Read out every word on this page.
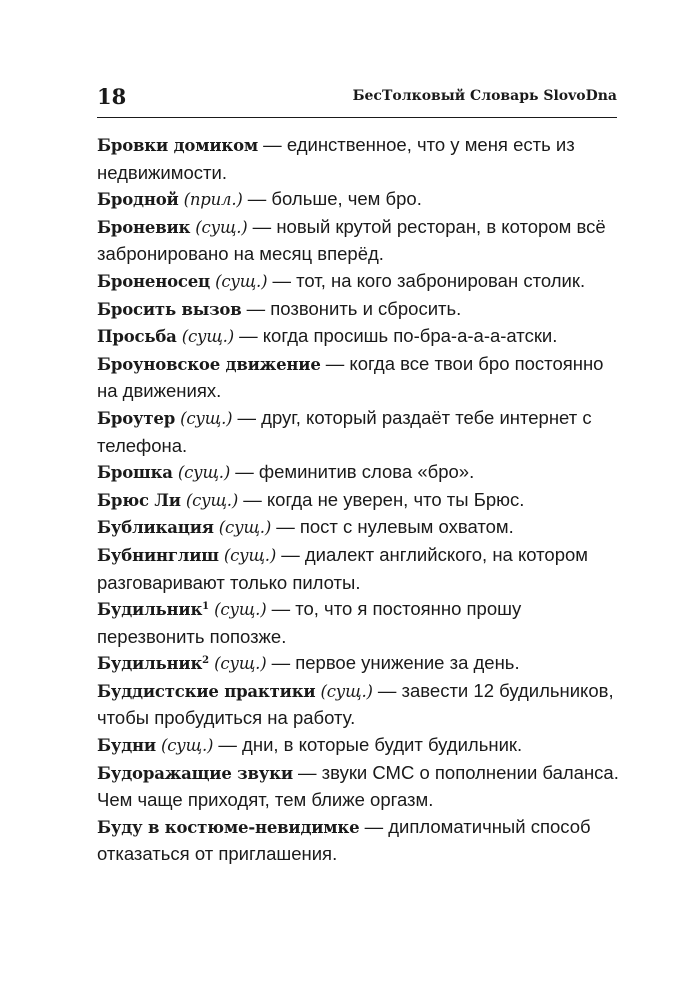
18	БесТолковый Словарь SlovoDna
Бровки домиком — единственное, что у меня есть из недвижимости.
Бродной (прил.) — больше, чем бро.
Броневик (сущ.) — новый крутой ресторан, в котором всё забронировано на месяц вперёд.
Броненосец (сущ.) — тот, на кого забронирован столик.
Бросить вызов — позвонить и сбросить.
Просьба (сущ.) — когда просишь по-бра-а-а-а-атски.
Броуновское движение — когда все твои бро постоянно на движениях.
Броутер (сущ.) — друг, который раздаёт тебе интернет с телефона.
Брошка (сущ.) — феминитив слова «бро».
Брюс Ли (сущ.) — когда не уверен, что ты Брюс.
Бубликация (сущ.) — пост с нулевым охватом.
Бубнинглиш (сущ.) — диалект английского, на котором разговаривают только пилоты.
Будильник$^1$ (сущ.) — то, что я постоянно прошу перезвонить попозже.
Будильник$^2$ (сущ.) — первое унижение за день.
Буддистские практики (сущ.) — завести 12 будильников, чтобы пробудиться на работу.
Будни (сущ.) — дни, в которые будит будильник.
Будоражащие звуки — звуки СМС о пополнении баланса. Чем чаще приходят, тем ближе оргазм.
Буду в костюме-невидимке — дипломатичный способ отказаться от приглашения.
